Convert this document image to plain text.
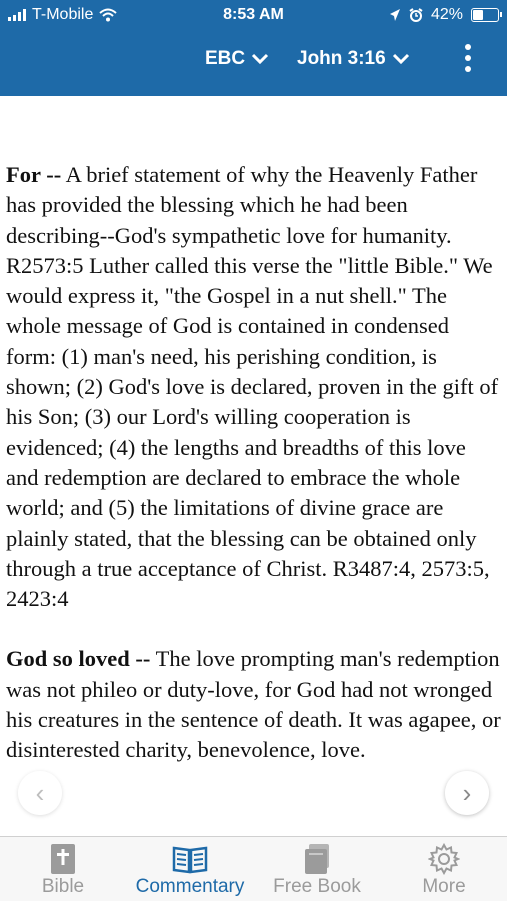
T-Mobile	8:53 AM	42%
EBC	John 3:16

For -- A brief statement of why the Heavenly Father has provided the blessing which he had been describing--God's sympathetic love for humanity. R2573:5 Luther called this verse the "little Bible." We would express it, "the Gospel in a nut shell." The whole message of God is contained in condensed form: (1) man's need, his perishing condition, is shown; (2) God's love is declared, proven in the gift of his Son; (3) our Lord's willing cooperation is evidenced; (4) the lengths and breadths of this love and redemption are declared to embrace the whole world; and (5) the limitations of divine grace are plainly stated, that the blessing can be obtained only through a true acceptance of Christ. R3487:4, 2573:5, 2423:4

God so loved -- The love prompting man's redemption was not phileo or duty-love, for God had not wronged his creatures in the sentence of death. It was agapee, or disinterested charity, benevolence, love.

‹	›
Bible	Commentary	Free Book	More
